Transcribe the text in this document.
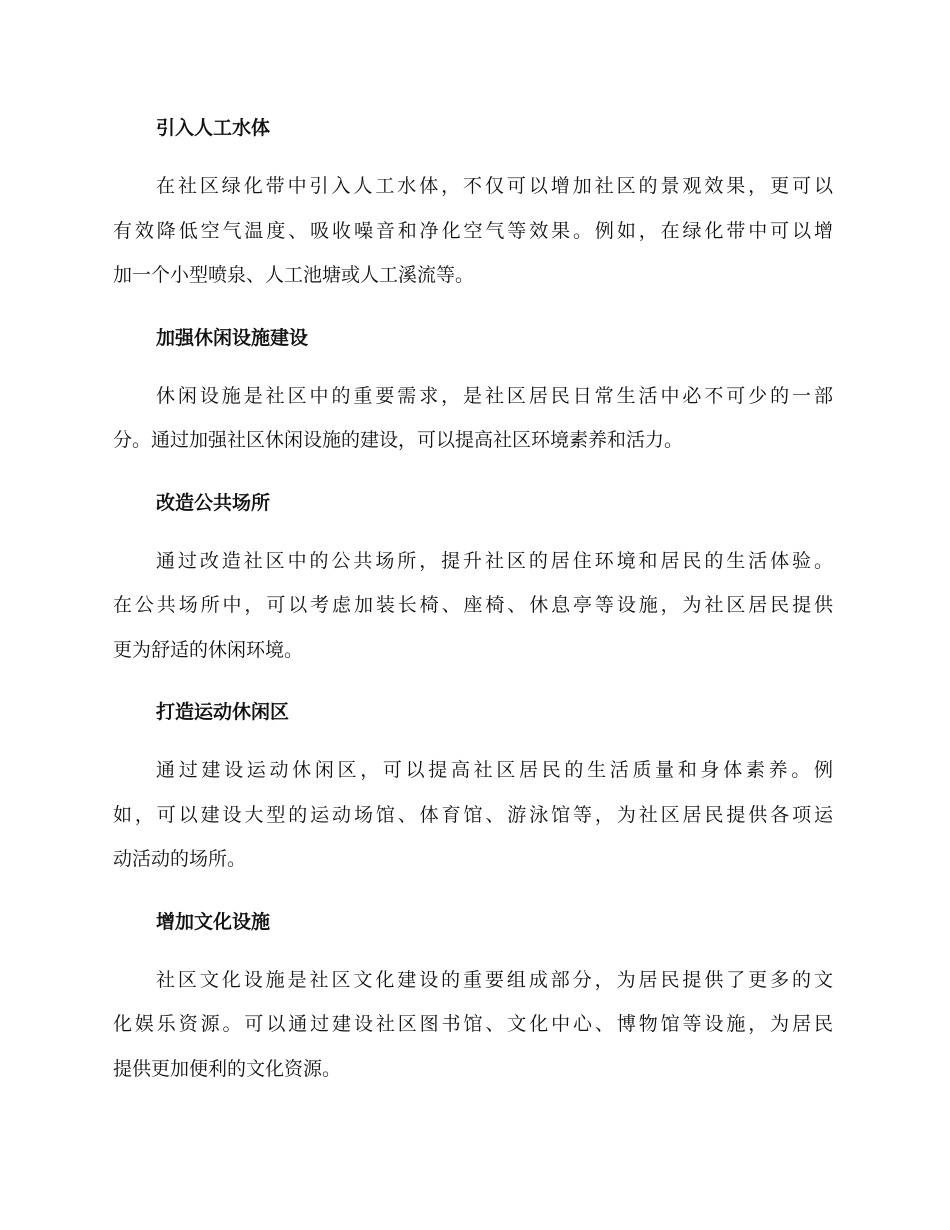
引入人工水体

在社区绿化带中引入人工水体，不仅可以增加社区的景观效果，更可以
有效降低空气温度、吸收噪音和净化空气等效果。例如，在绿化带中可以增
加一个小型喷泉、人工池塘或人工溪流等。

加强休闲设施建设

休闲设施是社区中的重要需求，是社区居民日常生活中必不可少的一部
分。通过加强社区休闲设施的建设，可以提高社区环境素养和活力。

改造公共场所

通过改造社区中的公共场所，提升社区的居住环境和居民的生活体验。
在公共场所中，可以考虑加装长椅、座椅、休息亭等设施，为社区居民提供
更为舒适的休闲环境。

打造运动休闲区

通过建设运动休闲区，可以提高社区居民的生活质量和身体素养。例
如，可以建设大型的运动场馆、体育馆、游泳馆等，为社区居民提供各项运
动活动的场所。

增加文化设施

社区文化设施是社区文化建设的重要组成部分，为居民提供了更多的文
化娱乐资源。可以通过建设社区图书馆、文化中心、博物馆等设施，为居民
提供更加便利的文化资源。
